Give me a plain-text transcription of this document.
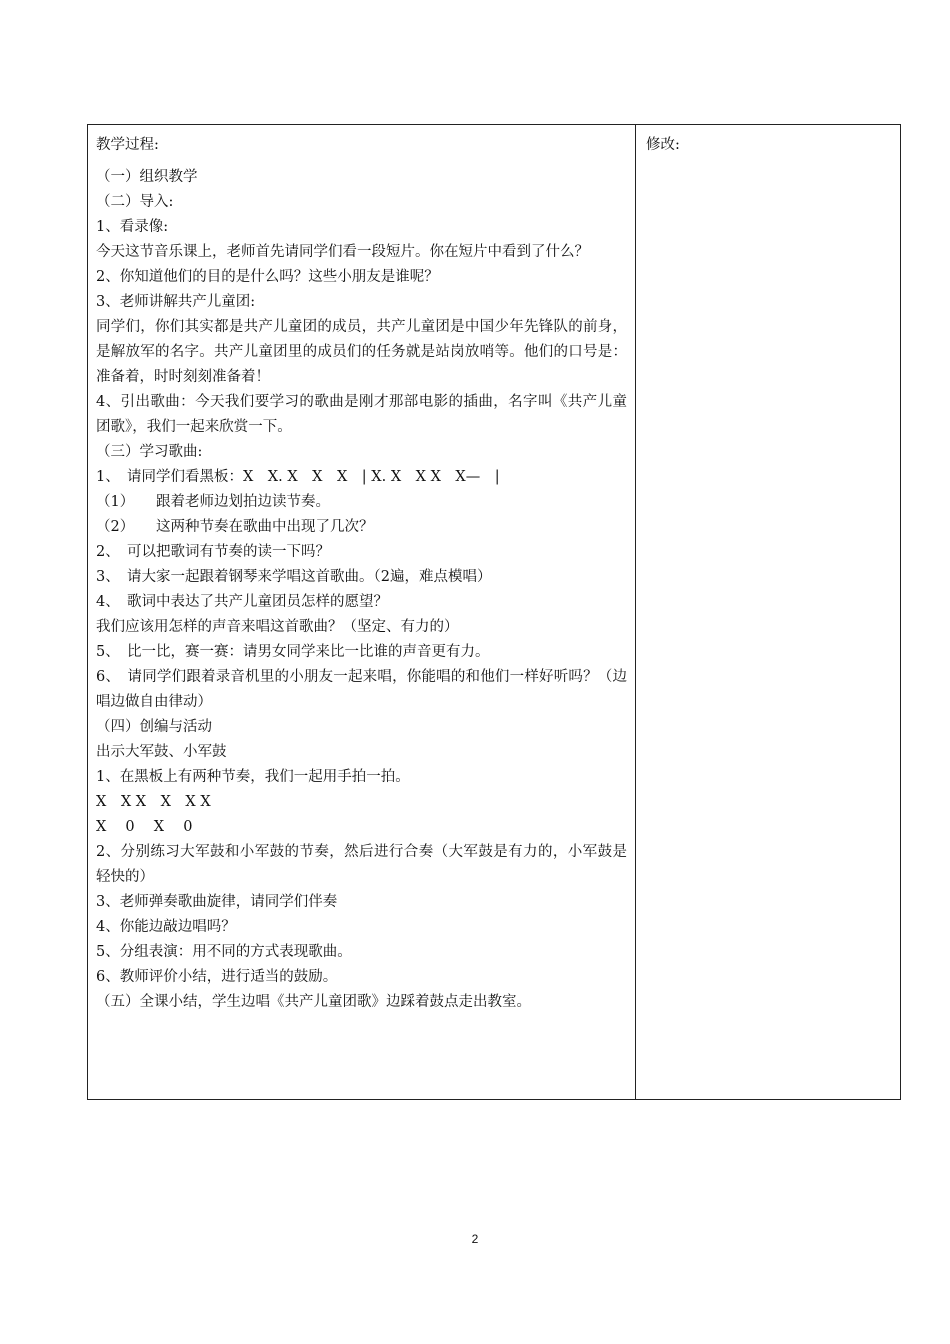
教学过程:
（一）组织教学
（二）导入:
1、看录像:
今天这节音乐课上，老师首先请同学们看一段短片。你在短片中看到了什么？
2、你知道他们的目的是什么吗？这些小朋友是谁呢？
3、老师讲解共产儿童团:
同学们，你们其实都是共产儿童团的成员，共产儿童团是中国少年先锋队的前身，是解放军的名字。共产儿童团里的成员们的任务就是站岗放哨等。他们的口号是：准备着，时时刻刻准备着！
4、引出歌曲：今天我们要学习的歌曲是刚才那部电影的插曲，名字叫《共产儿童团歌》，我们一起来欣赏一下。
（三）学习歌曲:
1、　请同学们看黑板：X　X. X　X　X　| X. X　X X　X—　|
（1）　　跟着老师边划拍边读节奏。
（2）　　这两种节奏在歌曲中出现了几次？
2、　可以把歌词有节奏的读一下吗？
3、　请大家一起跟着钢琴来学唱这首歌曲。（2遍，难点模唱）
4、　歌词中表达了共产儿童团员怎样的愿望？
我们应该用怎样的声音来唱这首歌曲？（坚定、有力的）
5、　比一比，赛一赛：请男女同学来比一比谁的声音更有力。
6、　请同学们跟着录音机里的小朋友一起来唱，你能唱的和他们一样好听吗？（边唱边做自由律动）
（四）创编与活动
出示大军鼓、小军鼓
1、在黑板上有两种节奏，我们一起用手拍一拍。
X　X X　X　X X
X　 0　 X　 0
2、分别练习大军鼓和小军鼓的节奏，然后进行合奏（大军鼓是有力的，小军鼓是轻快的）
3、老师弹奏歌曲旋律，请同学们伴奏
4、你能边敲边唱吗？
5、分组表演：用不同的方式表现歌曲。
6、教师评价小结，进行适当的鼓励。
（五）全课小结，学生边唱《共产儿童团歌》边踩着鼓点走出教室。
修改:
2
